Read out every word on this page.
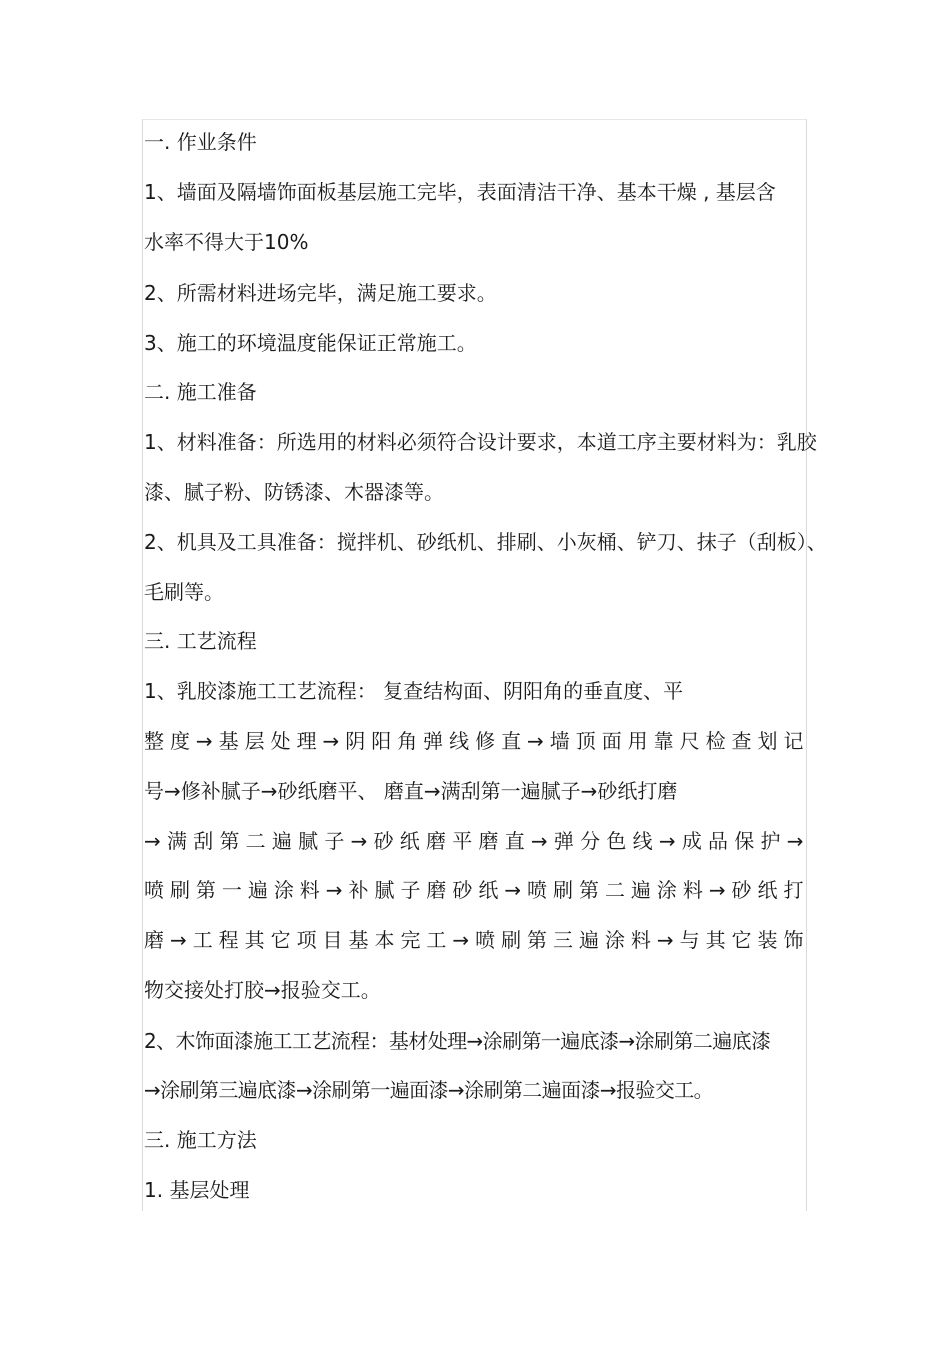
一. 作业条件
1、墙面及隔墙饰面板基层施工完毕，表面清洁干净、基本干燥 , 基层含
水率不得大于10%
2、所需材料进场完毕，满足施工要求。
3、施工的环境温度能保证正常施工。
二. 施工准备
1、材料准备：所选用的材料必须符合设计要求，本道工序主要材料为：乳胶
漆、腻子粉、防锈漆、木器漆等。
2、机具及工具准备：搅拌机、砂纸机、排刷、小灰桶、铲刀、抹子（刮板）、
毛刷等。
三. 工艺流程
1、乳胶漆施工工艺流程： 复查结构面、阴阳角的垂直度、平
整度→基层处理→阴阳角弹线修直→墙顶面用靠尺检查划记
号→修补腻子→砂纸磨平、 磨直→满刮第一遍腻子→砂纸打磨
→满刮第二遍腻子→砂纸磨平磨直→弹分色线→成品保护→
喷刷第一遍涂料→补腻子磨砂纸→喷刷第二遍涂料→砂纸打
磨→工程其它项目基本完工→喷刷第三遍涂料→与其它装饰
物交接处打胶→报验交工。
2、木饰面漆施工工艺流程：基材处理→涂刷第一遍底漆→涂刷第二遍底漆
→涂刷第三遍底漆→涂刷第一遍面漆→涂刷第二遍面漆→报验交工。
三. 施工方法
1. 基层处理
